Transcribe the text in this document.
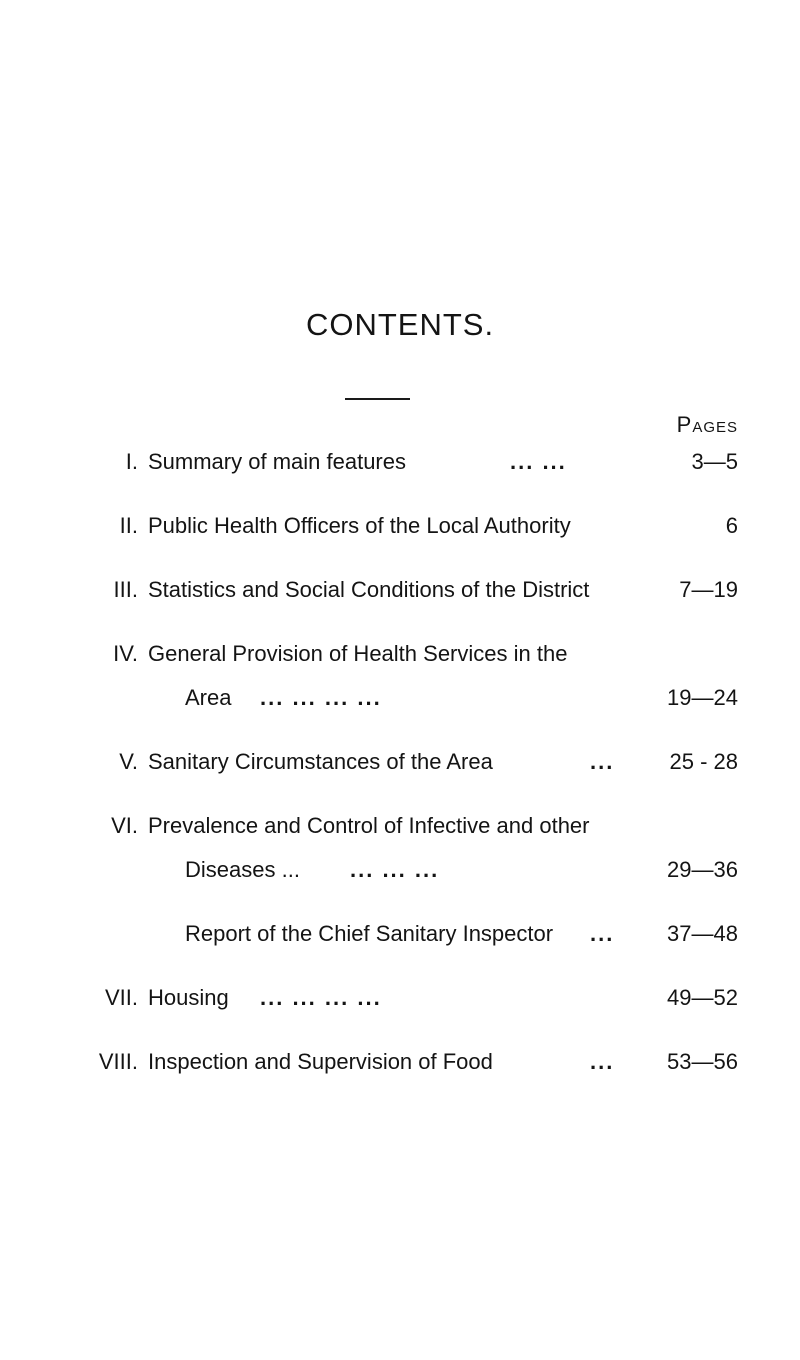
CONTENTS.
Pages
I. Summary of main features	... ...	3—5
II. Public Health Officers of the Local Authority	6
III. Statistics and Social Conditions of the District	7—19
IV. General Provision of Health Services in the
Area ... ... ... ...	19—24
V. Sanitary Circumstances of the Area	...	25 - 28
VI. Prevalence and Control of Infective and other
Diseases ... ... ... ...	29—36
Report of the Chief Sanitary Inspector ... 37—48
VII. Housing ... ... ... ...	49—52
VIII. Inspection and Supervision of Food	... 53—56
